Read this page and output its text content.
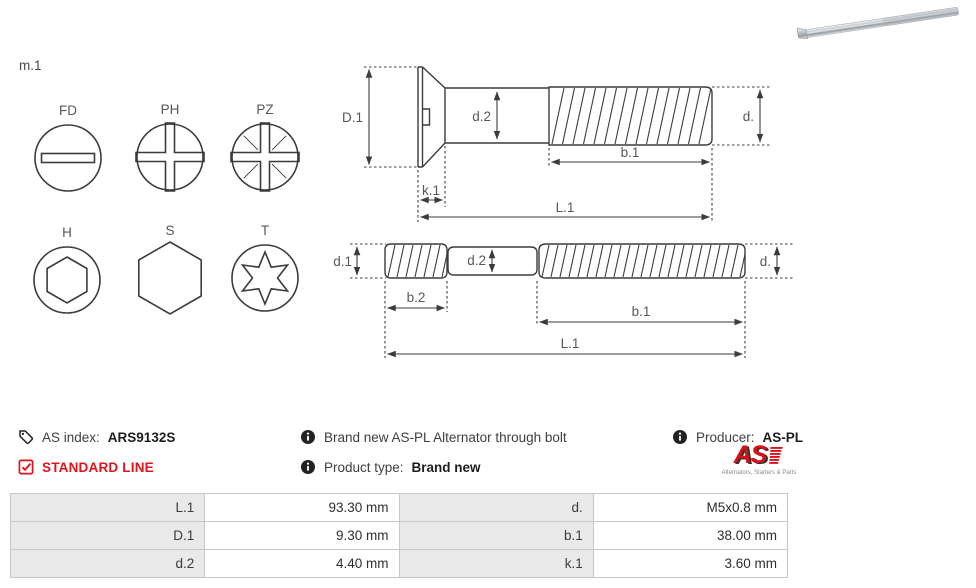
m.1
FD	PH	PZ
H	S	T
D.1	d.2	d.
b.1
k.1
L.1
d.1	d.2	d.
b.2
b.1
L.1
AS index: ARS9132S	Brand new AS-PL Alternator through bolt	Producer: AS-PL
STANDARD LINE	Product type: Brand new	AS
Alternators, Starters & Parts
L.1	93.30 mm	d.	M5x0.8 mm
D.1	9.30 mm	b.1	38.00 mm
d.2	4.40 mm	k.1	3.60 mm
